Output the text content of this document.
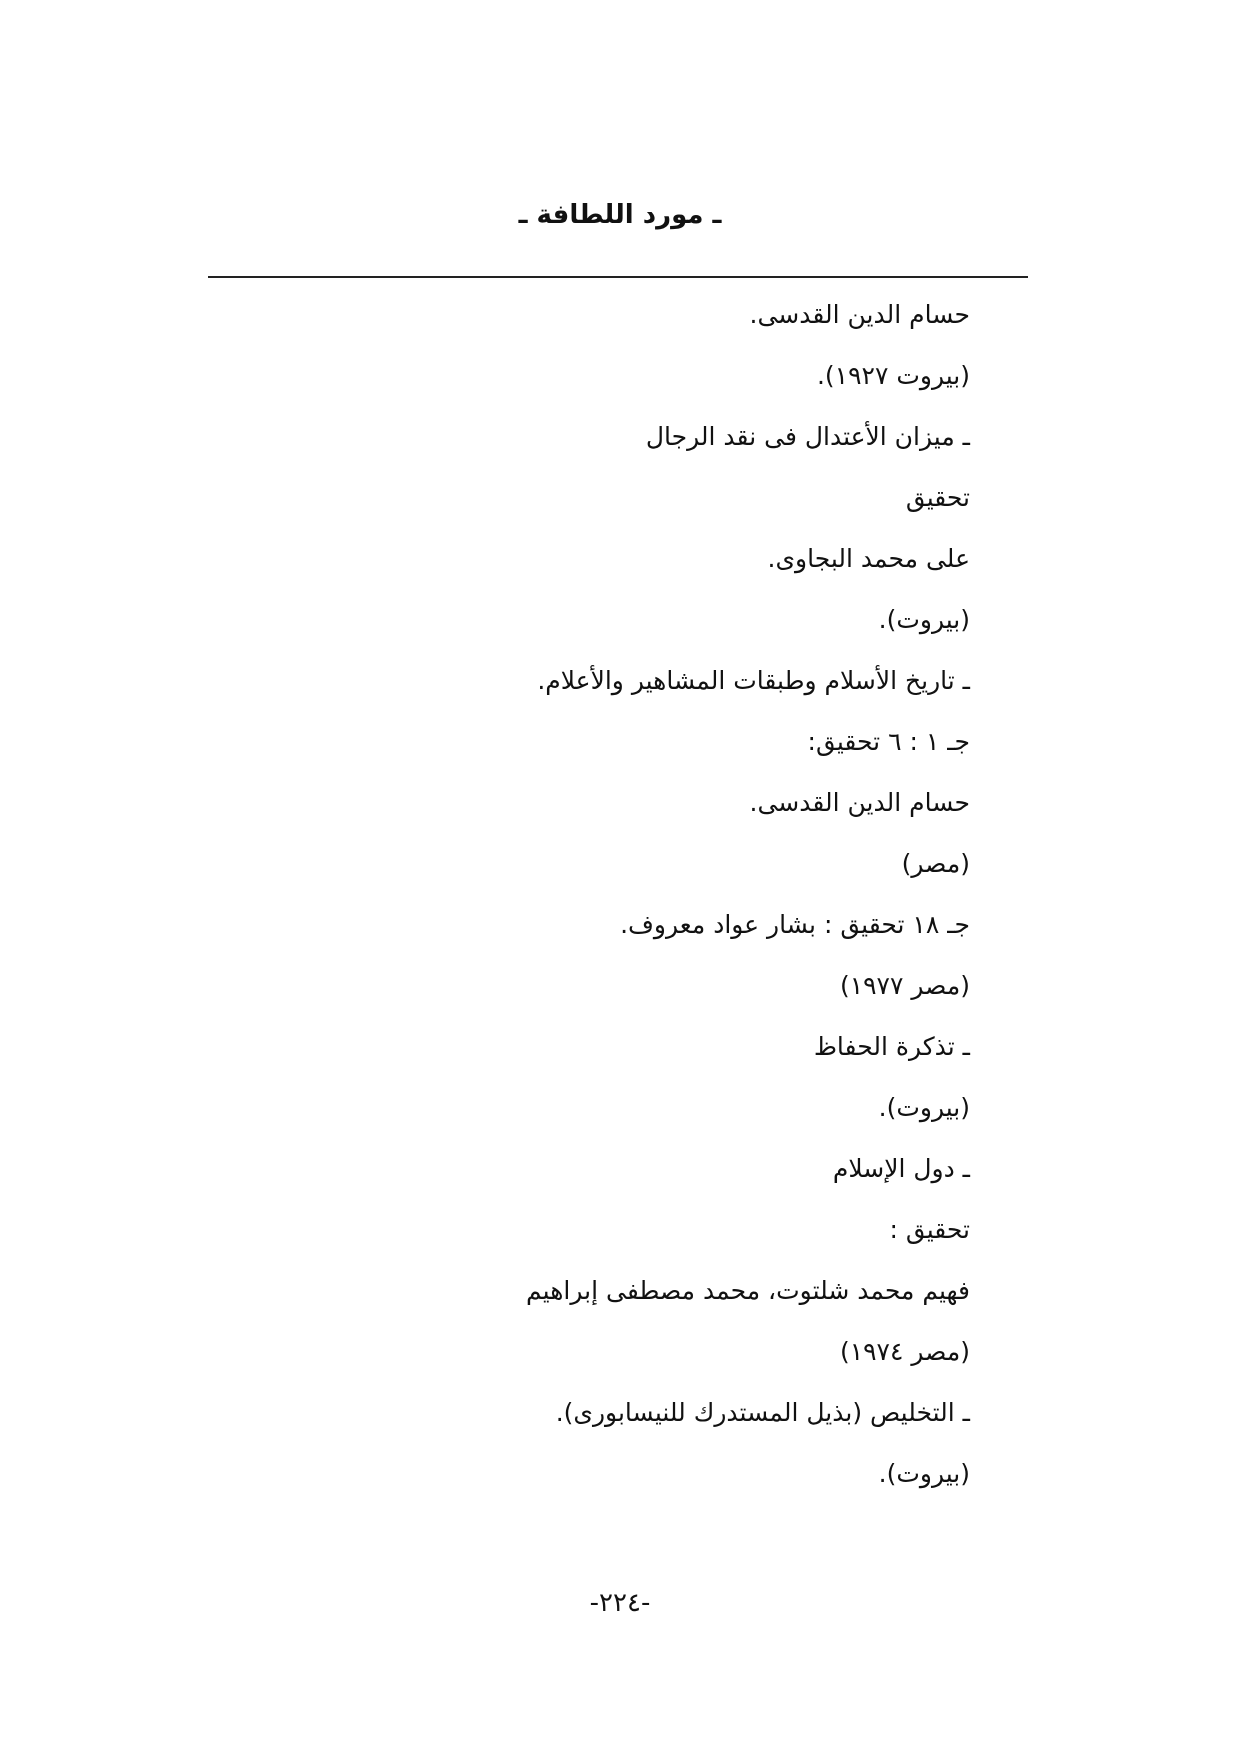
ـ مورد اللطافة ـ
حسام الدين القدسى.
(بيروت ١٩٢٧).
ـ ميزان الأعتدال فى نقد الرجال
تحقيق
على محمد البجاوى.
(بيروت).
ـ تاريخ الأسلام وطبقات المشاهير والأعلام.
جـ ١ : ٦ تحقيق:
حسام الدين القدسى.
(مصر)
جـ ١٨ تحقيق : بشار عواد معروف.
(مصر ١٩٧٧)
ـ تذكرة الحفاظ
(بيروت).
ـ دول الإسلام
تحقيق :
فهيم محمد شلتوت، محمد مصطفى إبراهيم
(مصر ١٩٧٤)
ـ التخليص (بذيل المستدرك للنيسابورى).
(بيروت).
-٢٢٤-
